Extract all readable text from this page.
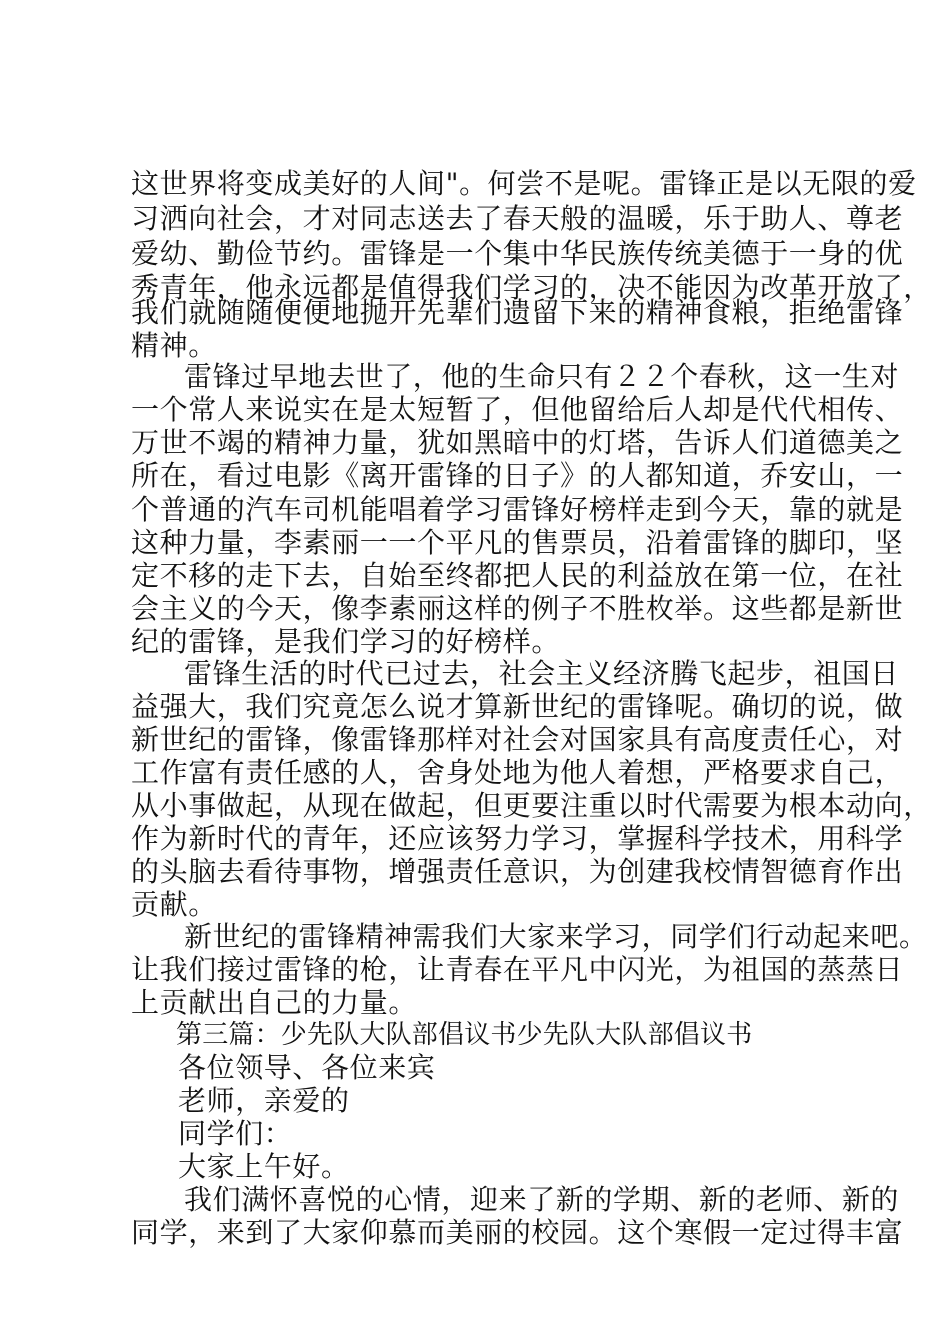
这世界将变成美好的人间"。何尝不是呢。雷锋正是以无限的爱
习洒向社会，才对同志送去了春天般的温暖，乐于助人、尊老
爱幼、勤俭节约。雷锋是一个集中华民族传统美德于一身的优
秀青年，他永远都是值得我们学习的，决不能因为改革开放了，
我们就随随便便地抛开先辈们遗留下来的精神食粮，拒绝雷锋
精神。
雷锋过早地去世了，他的生命只有２２个春秋，这一生对
一个常人来说实在是太短暂了，但他留给后人却是代代相传、
万世不竭的精神力量，犹如黑暗中的灯塔，告诉人们道德美之
所在，看过电影《离开雷锋的日子》的人都知道，乔安山，一
个普通的汽车司机能唱着学习雷锋好榜样走到今天，靠的就是
这种力量，李素丽一一个平凡的售票员，沿着雷锋的脚印，坚
定不移的走下去，自始至终都把人民的利益放在第一位，在社
会主义的今天，像李素丽这样的例子不胜枚举。这些都是新世
纪的雷锋，是我们学习的好榜样。
雷锋生活的时代已过去，社会主义经济腾飞起步，祖国日
益强大，我们究竟怎么说才算新世纪的雷锋呢。确切的说，做
新世纪的雷锋，像雷锋那样对社会对国家具有高度责任心，对
工作富有责任感的人，舍身处地为他人着想，严格要求自己，
从小事做起，从现在做起，但更要注重以时代需要为根本动向，
作为新时代的青年，还应该努力学习，掌握科学技术，用科学
的头脑去看待事物，增强责任意识，为创建我校情智德育作出
贡献。
新世纪的雷锋精神需我们大家来学习，同学们行动起来吧。
让我们接过雷锋的枪，让青春在平凡中闪光，为祖国的蒸蒸日
上贡献出自己的力量。
第三篇：少先队大队部倡议书少先队大队部倡议书
各位领导、各位来宾
老师，亲爱的
同学们：
大家上午好。
我们满怀喜悦的心情，迎来了新的学期、新的老师、新的
同学，来到了大家仰慕而美丽的校园。这个寒假一定过得丰富
